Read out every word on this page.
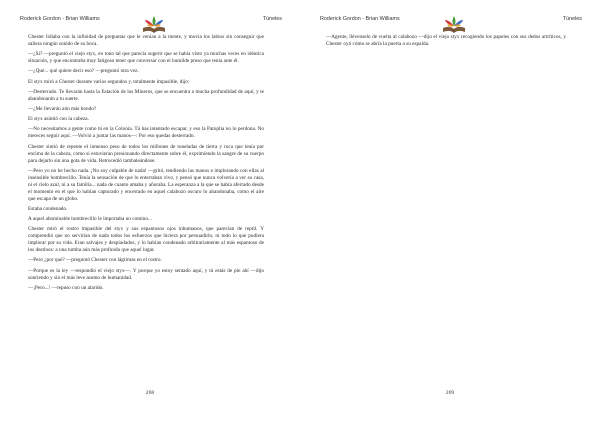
Roderick Gordon - Brian Williams	Túneles

Chester lidiaba con la infinidad de preguntas que le venían a la mente, y movía los labios sin conseguir que saliera ningún sonido de su boca.

—¿Sí? —preguntó el viejo styx, en tono tal que parecía sugerir que se había visto ya muchas veces en idéntica situación, y que encontraba muy fatigoso tener que conversar con el humilde preso que tenía ante él.

—¿Qué... qué quiere decir eso? —preguntó otra vez.

El styx miró a Chester durante varios segundos y, totalmente impasible, dijo:

—Desterrado. Te llevarán hasta la Estación de los Mineros, que se encuentra a mucha profundidad de aquí, y te abandonarán a tu suerte.

—¿Me llevarán aún más hondo?

El styx asintió con la cabeza.

—No necesitamos a gente como tú en la Colonia. Tú has intentado escapar, y eso la Patoplia no lo perdona. No mereces seguir aquí. —Volvió a juntar las manos—: Por eso quedas desterrado.

Chester sintió de repente el inmenso peso de todos los millones de toneladas de tierra y roca que tenía por encima de la cabeza, como si estuvieran presionando directamente sobre él, exprimiendo la sangre de su cuerpo para dejarlo sin una gota de vida. Retrocedió tambaleándose.

—Pero yo no he hecho nada. ¡No soy culpable de nada! —gritó, tendiendo las manos e implorando con ellas al insensible hombrecillo. Tenía la sensación de que lo enterraban vivo, y pensó que nunca volvería a ver su casa, ni el cielo azul, ni a su familia... nada de cuanto amaba y añoraba. La esperanza a la que se había aferrado desde el momento en el que lo habían capturado y encerrado en aquel calabozo oscuro lo abandonaba, como el aire que escapa de un globo.

Estaba condenado.

A aquel abominable hombrecillo le importaba un comino...

Chester miró el rostro impasible del styx y sus espantosos ojos inhumanos, que parecían de reptil. Y comprendió que no servirían de nada todos los esfuerzos que hiciera por persuadirlo, ni todo lo que pudiera implorar por su vida. Eran salvajes y despiadados, y lo habían condenado arbitrariamente al más espantoso de los destinos: a una tumba aún más profunda que aquel lugar.

—Pero ¿por qué? —preguntó Chester con lágrimas en el rostro.

—Porque es la ley —respondió el viejo styx—. Y porque yo estoy sentado aquí, y tú estás de pie ahí —dijo sonriendo y sin el más leve asomo de humanidad.

—¡Pero...! —repuso con un alarido.

268
Roderick Gordon - Brian Williams	Túneles

—Agente, llévenselo de vuelta al calabozo —dijo el viejo styx recogiendo los papeles con sus dedos artríticos, y Chester oyó cómo se abría la puerta a su espalda.

269
